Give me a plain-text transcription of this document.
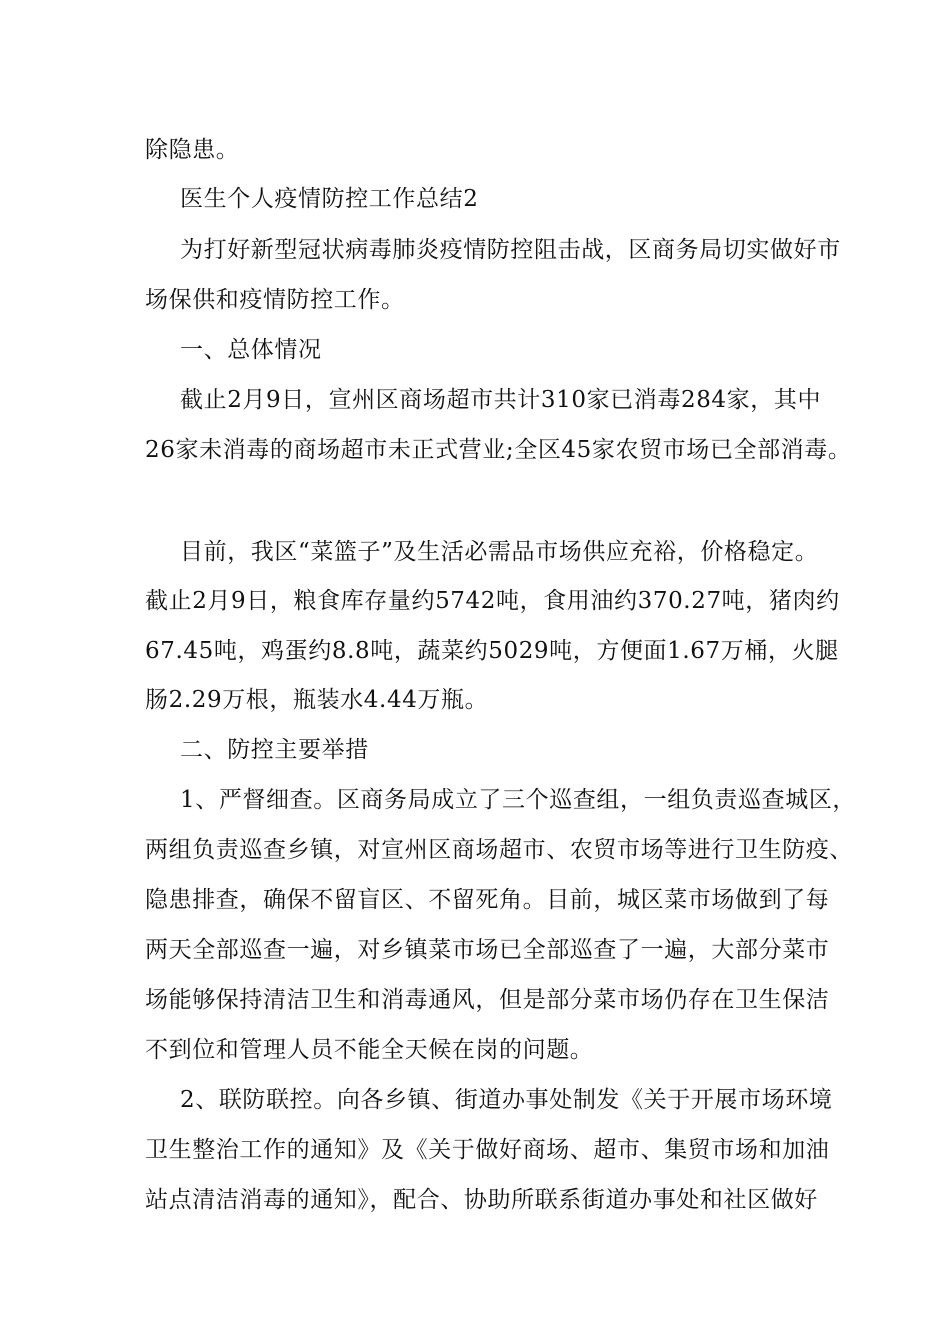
除隐患。
医生个人疫情防控工作总结2
为打好新型冠状病毒肺炎疫情防控阻击战，区商务局切实做好市
场保供和疫情防控工作。
一、总体情况
截止2月9日，宣州区商场超市共计310家已消毒284家，其中
26家未消毒的商场超市未正式营业;全区45家农贸市场已全部消毒。
目前，我区“菜篮子”及生活必需品市场供应充裕，价格稳定。
截止2月9日，粮食库存量约5742吨，食用油约370.27吨，猪肉约
67.45吨，鸡蛋约8.8吨，蔬菜约5029吨，方便面1.67万桶，火腿
肠2.29万根，瓶装水4.44万瓶。
二、防控主要举措
1、严督细查。区商务局成立了三个巡查组，一组负责巡查城区，
两组负责巡查乡镇，对宣州区商场超市、农贸市场等进行卫生防疫、
隐患排查，确保不留盲区、不留死角。目前，城区菜市场做到了每
两天全部巡查一遍，对乡镇菜市场已全部巡查了一遍，大部分菜市
场能够保持清洁卫生和消毒通风，但是部分菜市场仍存在卫生保洁
不到位和管理人员不能全天候在岗的问题。
2、联防联控。向各乡镇、街道办事处制发《关于开展市场环境
卫生整治工作的通知》及《关于做好商场、超市、集贸市场和加油
站点清洁消毒的通知》，配合、协助所联系街道办事处和社区做好
